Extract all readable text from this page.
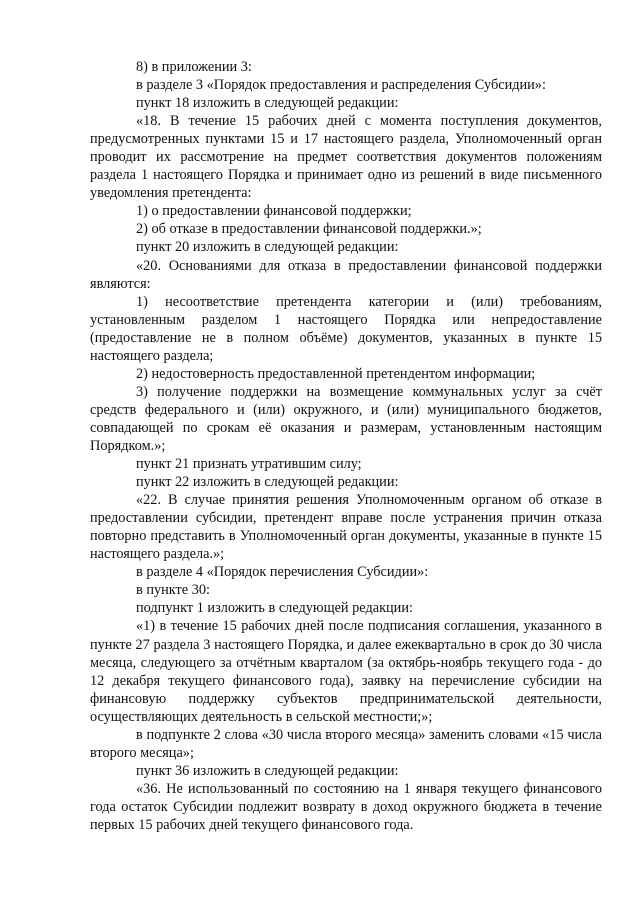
8) в приложении 3:

в разделе 3 «Порядок предоставления и распределения Субсидии»:

пункт 18 изложить в следующей редакции:

«18. В течение 15 рабочих дней с момента поступления документов, предусмотренных пунктами 15 и 17 настоящего раздела, Уполномоченный орган проводит их рассмотрение на предмет соответствия документов положениям раздела 1 настоящего Порядка и принимает одно из решений в виде письменного уведомления претендента:

1) о предоставлении финансовой поддержки;

2) об отказе в предоставлении финансовой поддержки.»;

пункт 20 изложить в следующей редакции:

«20. Основаниями для отказа в предоставлении финансовой поддержки являются:

1) несоответствие претендента категории и (или) требованиям, установленным разделом 1 настоящего Порядка или непредоставление (предоставление не в полном объёме) документов, указанных в пункте 15 настоящего раздела;

2) недостоверность предоставленной претендентом информации;

3) получение поддержки на возмещение коммунальных услуг за счёт средств федерального и (или) окружного, и (или) муниципального бюджетов, совпадающей по срокам её оказания и размерам, установленным настоящим Порядком.»;

пункт 21 признать утратившим силу;

пункт 22 изложить в следующей редакции:

«22. В случае принятия решения Уполномоченным органом об отказе в предоставлении субсидии, претендент вправе после устранения причин отказа повторно представить в Уполномоченный орган документы, указанные в пункте 15 настоящего раздела.»;

в разделе 4 «Порядок перечисления Субсидии»:

в пункте 30:

подпункт 1 изложить в следующей редакции:

«1) в течение 15 рабочих дней после подписания соглашения, указанного в пункте 27 раздела 3 настоящего Порядка, и далее ежеквартально в срок до 30 числа месяца, следующего за отчётным кварталом (за октябрь-ноябрь текущего года - до 12 декабря текущего финансового года), заявку на перечисление субсидии на финансовую поддержку субъектов предпринимательской деятельности, осуществляющих деятельность в сельской местности;»;

в подпункте 2 слова «30 числа второго месяца» заменить словами «15 числа второго месяца»;

пункт 36 изложить в следующей редакции:

«36. Не использованный по состоянию на 1 января текущего финансового года остаток Субсидии подлежит возврату в доход окружного бюджета в течение первых 15 рабочих дней текущего финансового года.
